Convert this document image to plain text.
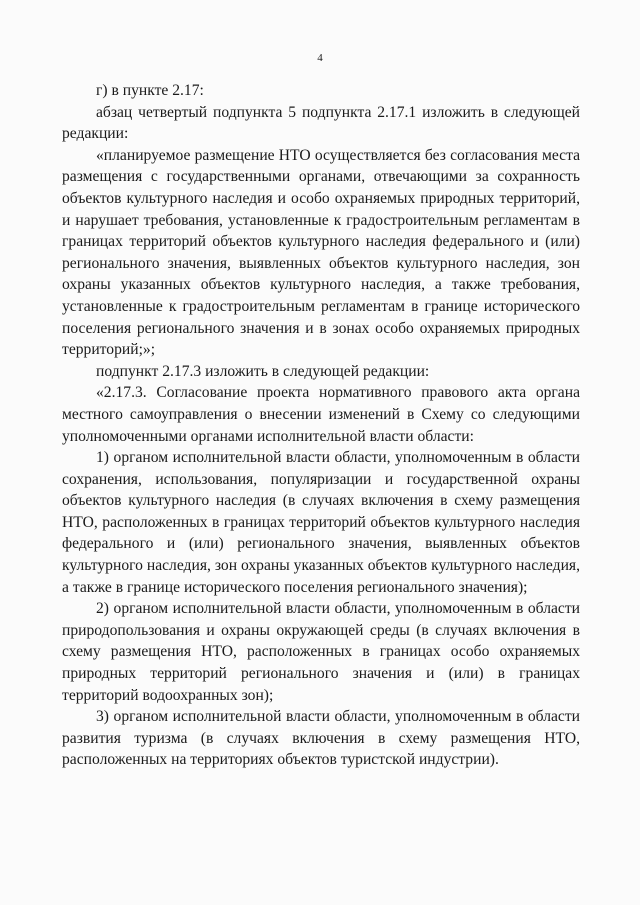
4

г) в пункте 2.17:

абзац четвертый подпункта 5 подпункта 2.17.1 изложить в следующей редакции:

«планируемое размещение НТО осуществляется без согласования места размещения с государственными органами, отвечающими за сохранность объектов культурного наследия и особо охраняемых природных территорий, и нарушает требования, установленные к градостроительным регламентам в границах территорий объектов культурного наследия федерального и (или) регионального значения, выявленных объектов культурного наследия, зон охраны указанных объектов культурного наследия, а также требования, установленные к градостроительным регламентам в границе исторического поселения регионального значения и в зонах особо охраняемых природных территорий;»;

подпункт 2.17.3 изложить в следующей редакции:

«2.17.3. Согласование проекта нормативного правового акта органа местного самоуправления о внесении изменений в Схему со следующими уполномоченными органами исполнительной власти области:

1) органом исполнительной власти области, уполномоченным в области сохранения, использования, популяризации и государственной охраны объектов культурного наследия (в случаях включения в схему размещения НТО, расположенных в границах территорий объектов культурного наследия федерального и (или) регионального значения, выявленных объектов культурного наследия, зон охраны указанных объектов культурного наследия, а также в границе исторического поселения регионального значения);

2) органом исполнительной власти области, уполномоченным в области природопользования и охраны окружающей среды (в случаях включения в схему размещения НТО, расположенных в границах особо охраняемых природных территорий регионального значения и (или) в границах территорий водоохранных зон);

3) органом исполнительной власти области, уполномоченным в области развития туризма (в случаях включения в схему размещения НТО, расположенных на территориях объектов туристской индустрии).
